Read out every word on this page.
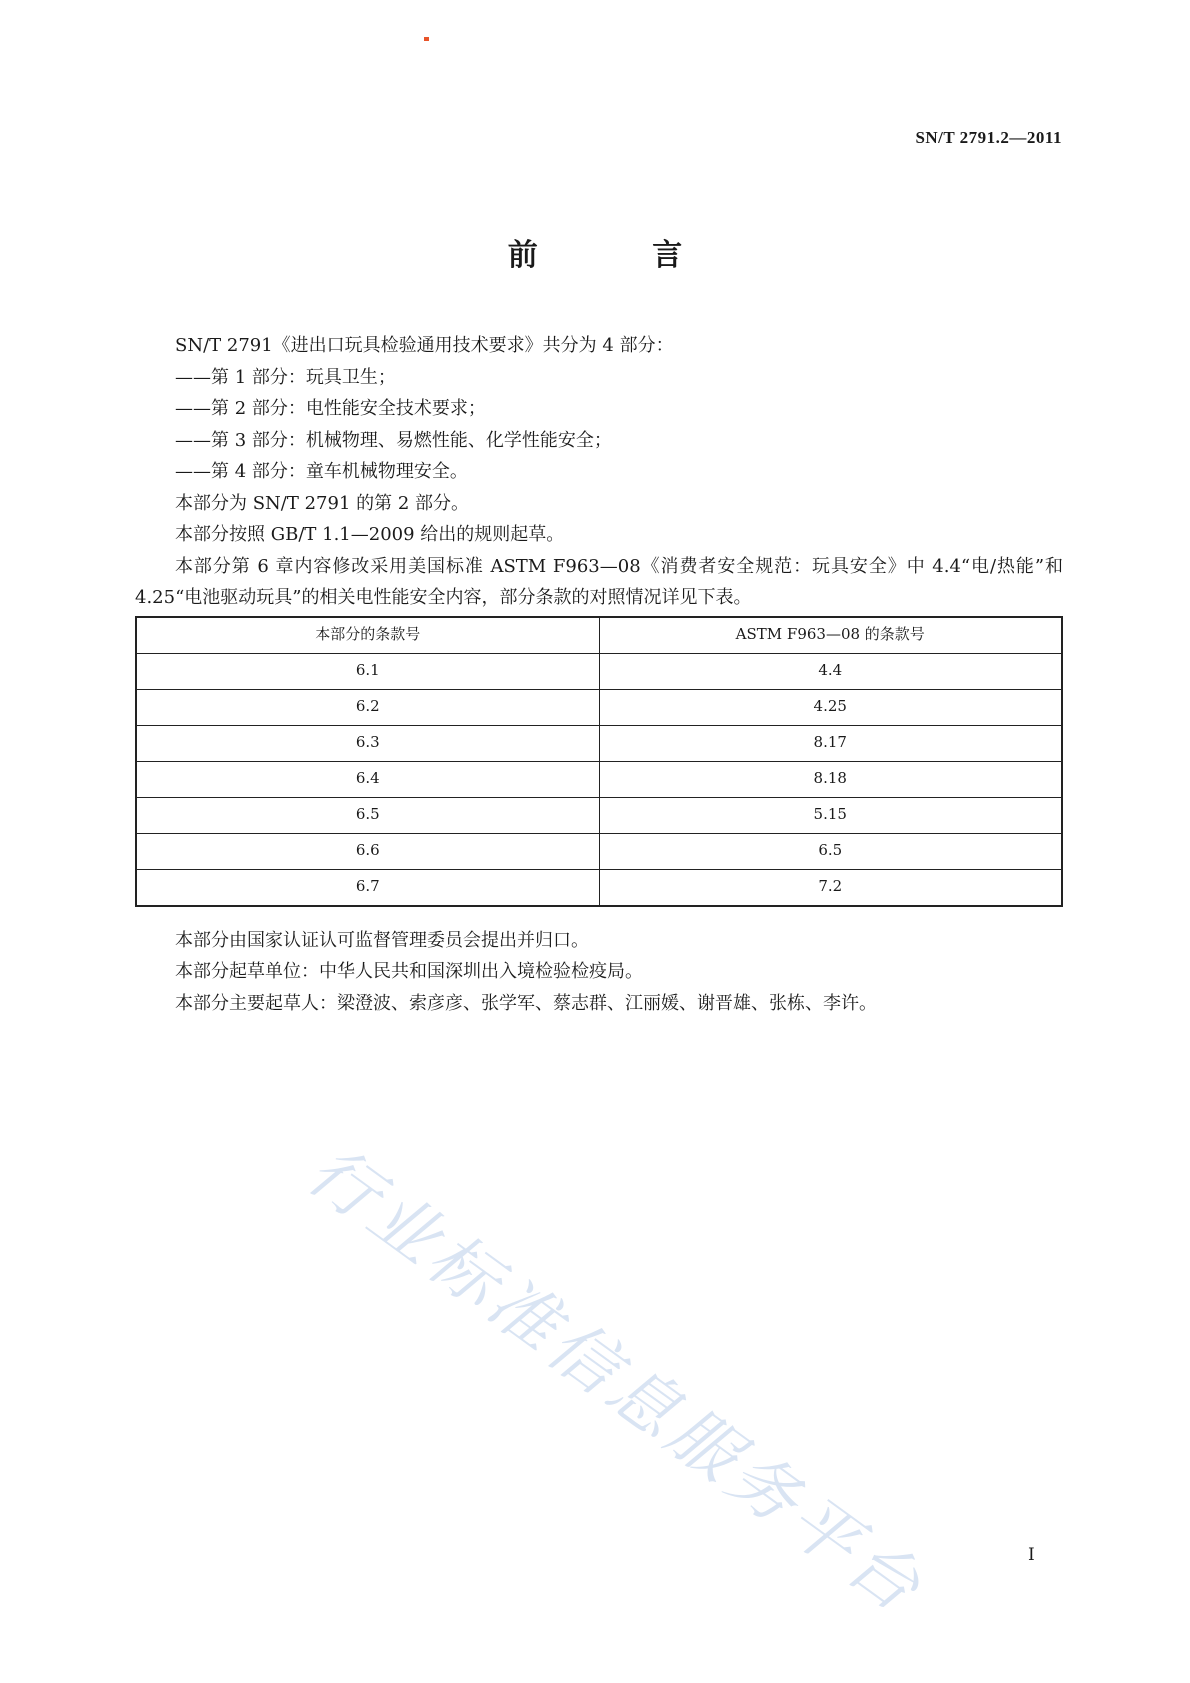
SN/T 2791.2—2011
前 言

SN/T 2791《进出口玩具检验通用技术要求》共分为 4 部分：

——第 1 部分：玩具卫生；

——第 2 部分：电性能安全技术要求；

——第 3 部分：机械物理、易燃性能、化学性能安全；

——第 4 部分：童车机械物理安全。

本部分为 SN/T 2791 的第 2 部分。

本部分按照 GB/T 1.1—2009 给出的规则起草。

本部分第 6 章内容修改采用美国标准 ASTM F963—08《消费者安全规范：玩具安全》中 4.4“电/热能”和 4.25“电池驱动玩具”的相关电性能安全内容，部分条款的对照情况详见下表。

本部分的条款号	ASTM F963—08 的条款号
6.1	4.4
6.2	4.25
6.3	8.17
6.4	8.18
6.5	5.15
6.6	6.5
6.7	7.2

本部分由国家认证认可监督管理委员会提出并归口。

本部分起草单位：中华人民共和国深圳出入境检验检疫局。

本部分主要起草人：梁澄波、索彦彦、张学军、蔡志群、江丽媛、谢晋雄、张栋、李许。

行业标准信息服务平台	I
